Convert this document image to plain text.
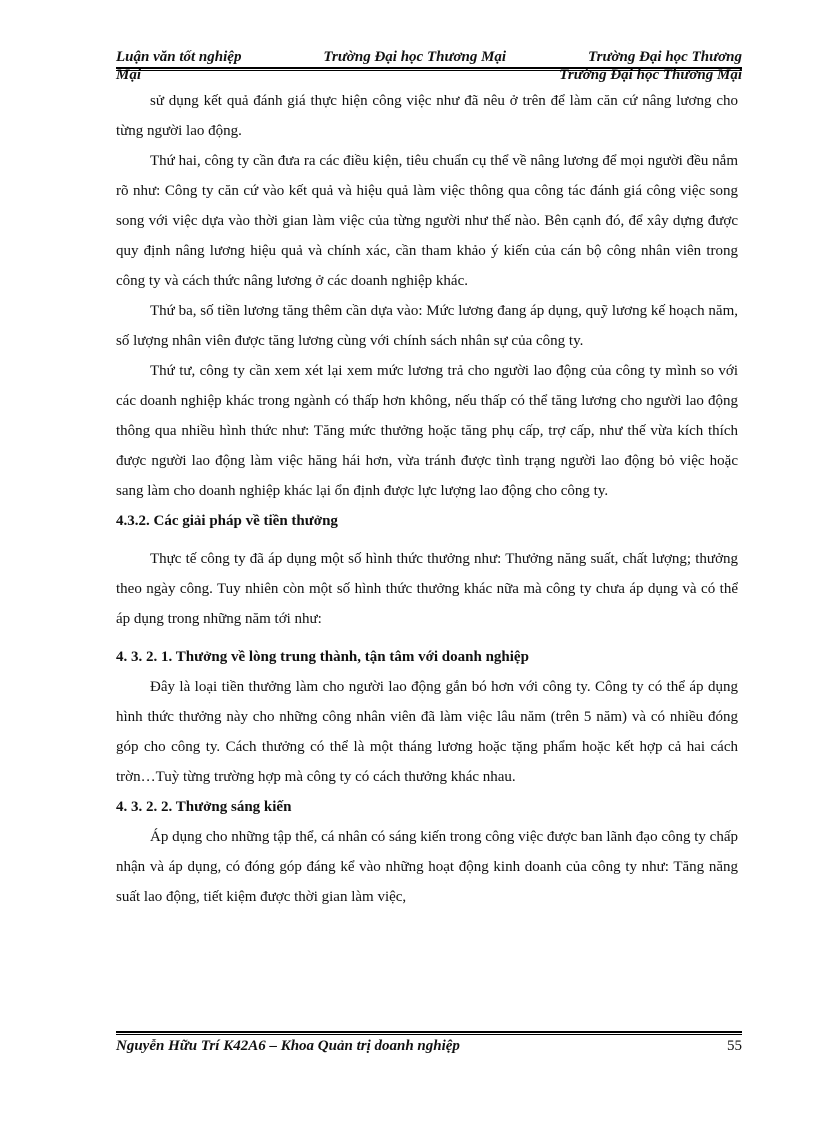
Luận văn tốt nghiệp	Trường Đại học Thương Mại	Trường Đại học Thương
Mại	Trường Đại học Thương Mại

sử dụng kết quả đánh giá thực hiện công việc như đã nêu ở trên để làm căn cứ nâng lương cho từng người lao động.

Thứ hai, công ty cần đưa ra các điều kiện, tiêu chuẩn cụ thể về nâng lương để mọi người đều nắm rõ như: Công ty căn cứ vào kết quả và hiệu quả làm việc thông qua công tác đánh giá công việc song song với việc dựa vào thời gian làm việc của từng người như thế nào. Bên cạnh đó, để xây dựng được quy định nâng lương hiệu quả và chính xác, cần tham khảo ý kiến của cán bộ công nhân viên trong công ty và cách thức nâng lương ở các doanh nghiệp khác.

Thứ ba, số tiền lương tăng thêm cần dựa vào: Mức lương đang áp dụng, quỹ lương kế hoạch năm, số lượng nhân viên được tăng lương cùng với chính sách nhân sự của công ty.

Thứ tư, công ty cần xem xét lại xem mức lương trả cho người lao động của công ty mình so với các doanh nghiệp khác trong ngành có thấp hơn không, nếu thấp có thể tăng lương cho người lao động thông qua nhiều hình thức như: Tăng mức thưởng hoặc tăng phụ cấp, trợ cấp, như thế vừa kích thích được người lao động làm việc hăng hái hơn, vừa tránh được tình trạng người lao động bỏ việc hoặc sang làm cho doanh nghiệp khác lại ổn định được lực lượng lao động cho công ty.

4.3.2. Các giải pháp về tiền thưởng

Thực tế công ty đã áp dụng một số hình thức thưởng như: Thưởng năng suất, chất lượng; thưởng theo ngày công. Tuy nhiên còn một số hình thức thưởng khác nữa mà công ty chưa áp dụng và có thể áp dụng trong những năm tới như:

4. 3. 2. 1. Thưởng về lòng trung thành, tận tâm với doanh nghiệp

Đây là loại tiền thưởng làm cho người lao động gắn bó hơn với công ty. Công ty có thể áp dụng hình thức thưởng này cho những công nhân viên đã làm việc lâu năm (trên 5 năm) và có nhiều đóng góp cho công ty. Cách thưởng có thể là một tháng lương hoặc tặng phẩm hoặc kết hợp cả hai cách trờn…Tuỳ từng trường hợp mà công ty có cách thưởng khác nhau.

4. 3. 2. 2. Thưởng sáng kiến

Áp dụng cho những tập thể, cá nhân có sáng kiến trong công việc được ban lãnh đạo công ty chấp nhận và áp dụng, có đóng góp đáng kể vào những hoạt động kinh doanh của công ty như: Tăng năng suất lao động, tiết kiệm được thời gian làm việc,

Nguyễn Hữu Trí K42A6 – Khoa Quản trị doanh nghiệp	55
